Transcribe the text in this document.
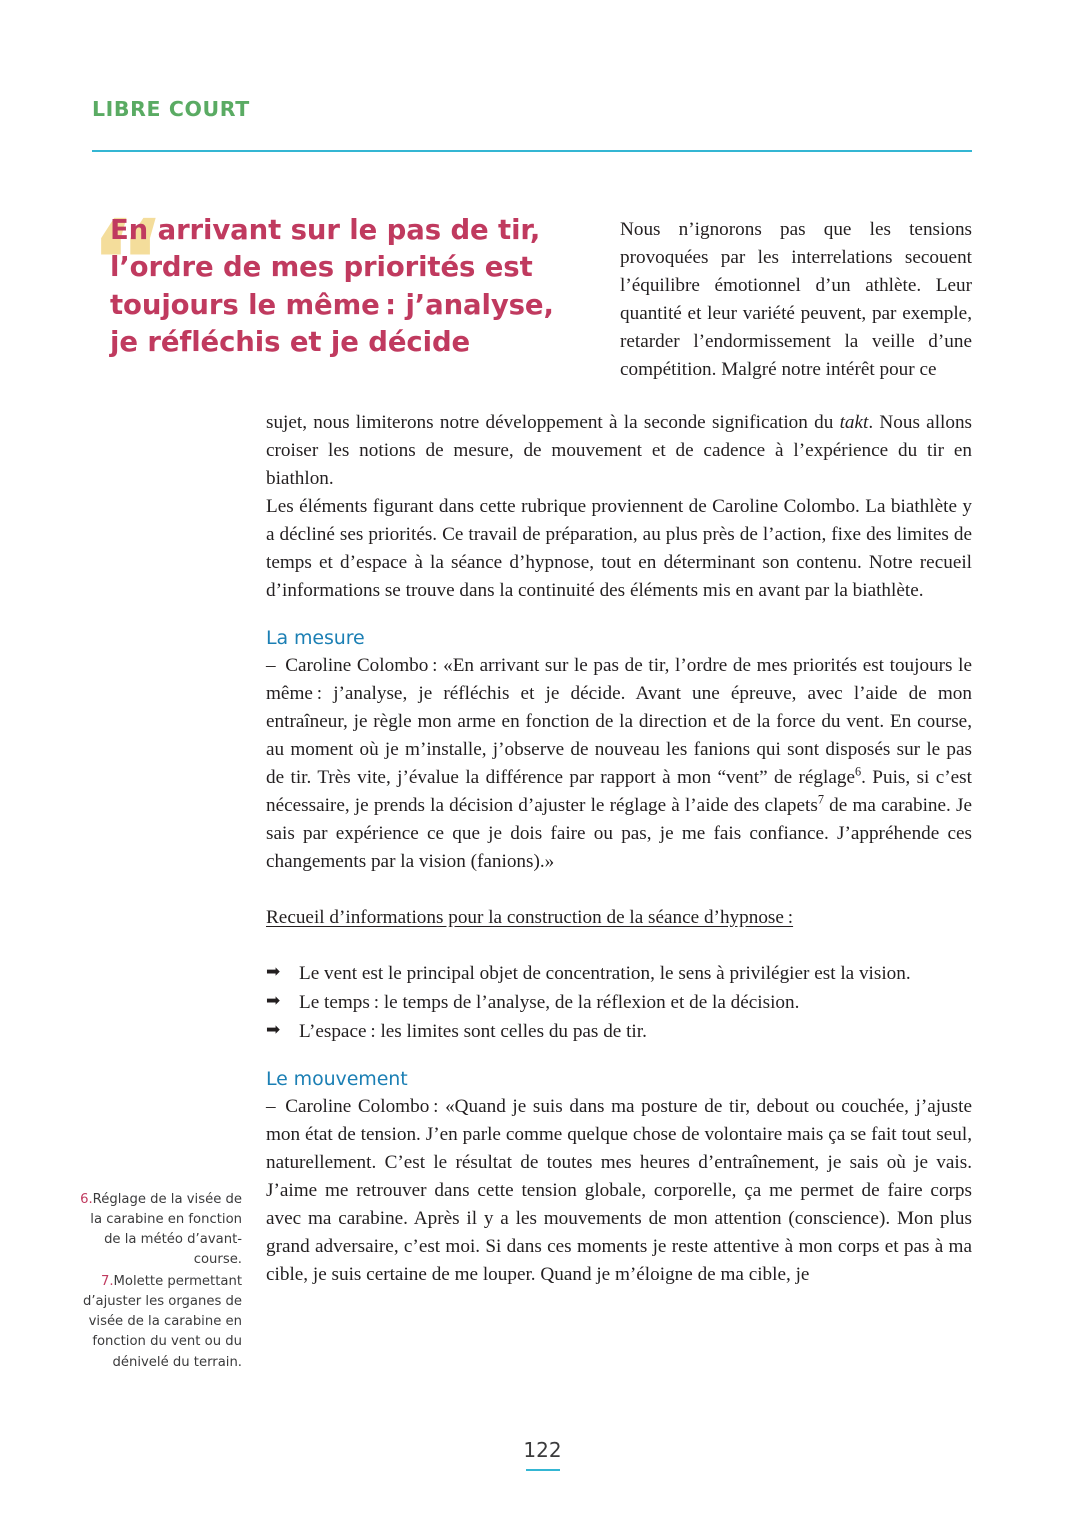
LIBRE COURT
“
En arrivant sur le pas de tir, l’ordre de mes priorités est toujours le même : j’analyse, je réfléchis et je décide
Nous n’ignorons pas que les tensions provoquées par les interrelations secouent l’équilibre émotionnel d’un athlète. Leur quantité et leur variété peuvent, par exemple, retarder l’endormissement la veille d’une compétition. Malgré notre intérêt pour ce
sujet, nous limiterons notre développement à la seconde signification du takt. Nous allons croiser les notions de mesure, de mouvement et de cadence à l’expérience du tir en biathlon.
Les éléments figurant dans cette rubrique proviennent de Caroline Colombo. La biathlète y a décliné ses priorités. Ce travail de préparation, au plus près de l’action, fixe des limites de temps et d’espace à la séance d’hypnose, tout en déterminant son contenu. Notre recueil d’informations se trouve dans la continuité des éléments mis en avant par la biathlète.
La mesure
– Caroline Colombo : «En arrivant sur le pas de tir, l’ordre de mes priorités est toujours le même : j’analyse, je réfléchis et je décide. Avant une épreuve, avec l’aide de mon entraîneur, je règle mon arme en fonction de la direction et de la force du vent. En course, au moment où je m’installe, j’observe de nouveau les fanions qui sont disposés sur le pas de tir. Très vite, j’évalue la différence par rapport à mon “vent” de réglage$^6$. Puis, si c’est nécessaire, je prends la décision d’ajuster le réglage à l’aide des clapets$^7$ de ma carabine. Je sais par expérience ce que je dois faire ou pas, je me fais confiance. J’appréhende ces changements par la vision (fanions).»
Recueil d’informations pour la construction de la séance d’hypnose :
➡ Le vent est le principal objet de concentration, le sens à privilégier est la vision.
➡ Le temps : le temps de l’analyse, de la réflexion et de la décision.
➡ L’espace : les limites sont celles du pas de tir.
Le mouvement
– Caroline Colombo : «Quand je suis dans ma posture de tir, debout ou couchée, j’ajuste mon état de tension. J’en parle comme quelque chose de volontaire mais ça se fait tout seul, naturellement. C’est le résultat de toutes mes heures d’entraînement, je sais où je vais. J’aime me retrouver dans cette tension globale, corporelle, ça me permet de faire corps avec ma carabine. Après il y a les mouvements de mon attention (conscience). Mon plus grand adversaire, c’est moi. Si dans ces moments je reste attentive à mon corps et pas à ma cible, je suis certaine de me louper. Quand je m’éloigne de ma cible, je
6.Réglage de la visée de la carabine en fonction de la météo d’avant-course.
7.Molette permettant d’ajuster les organes de visée de la carabine en fonction du vent ou du dénivelé du terrain.
122
